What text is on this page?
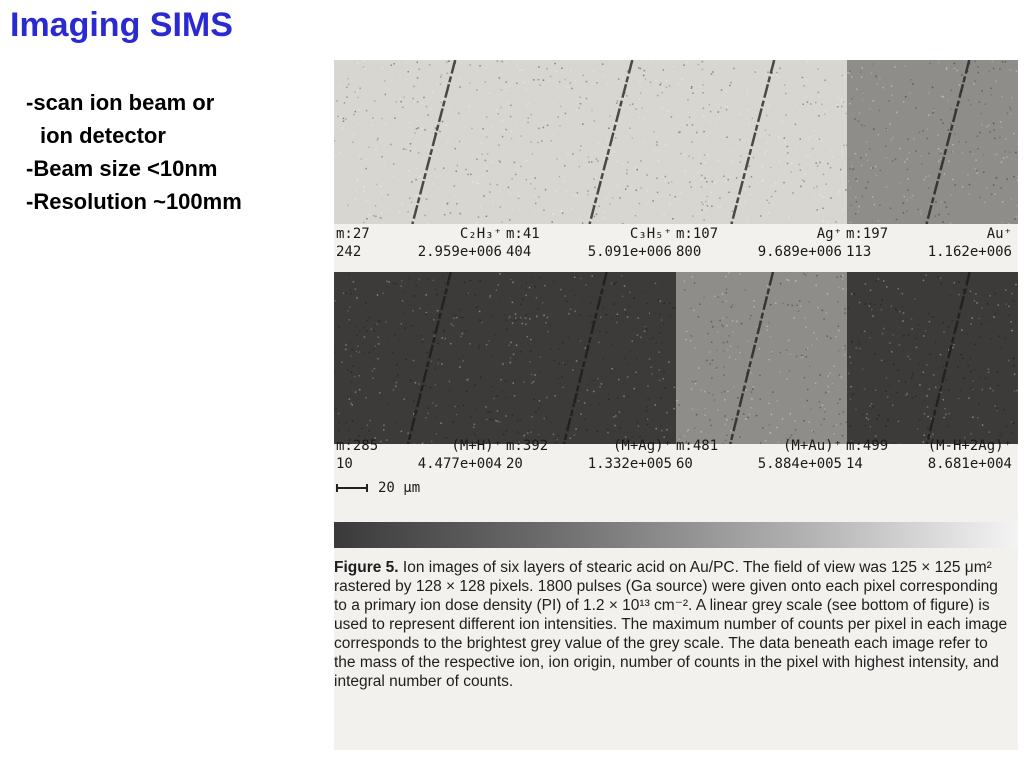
Imaging SIMS
-scan ion beam or
ion detector
-Beam size <10nm
-Resolution ~100mm
m:27	C₂H₃⁺ m:41	C₃H₅⁺ m:107	Ag⁺ m:197	Au⁺
242	2.959e+006 404	5.091e+006 800	9.689e+006 113	1.162e+006
m:285	(M+H)⁺ m:392	(M+Ag)⁺ m:481	(M+Au)⁺ m:499	(M-H+2Ag)⁺
10	4.477e+004 20	1.332e+005 60	5.884e+005 14	8.681e+004
20 μm
Figure 5. Ion images of six layers of stearic acid on Au/PC. The field of view was 125 × 125 μm² rastered by 128 × 128 pixels. 1800 pulses (Ga source) were given onto each pixel corresponding to a primary ion dose density (PI) of 1.2 × 10¹³ cm⁻². A linear grey scale (see bottom of figure) is used to represent different ion intensities. The maximum number of counts per pixel in each image corresponds to the brightest grey value of the grey scale. The data beneath each image refer to the mass of the respective ion, ion origin, number of counts in the pixel with highest intensity, and integral number of counts.
